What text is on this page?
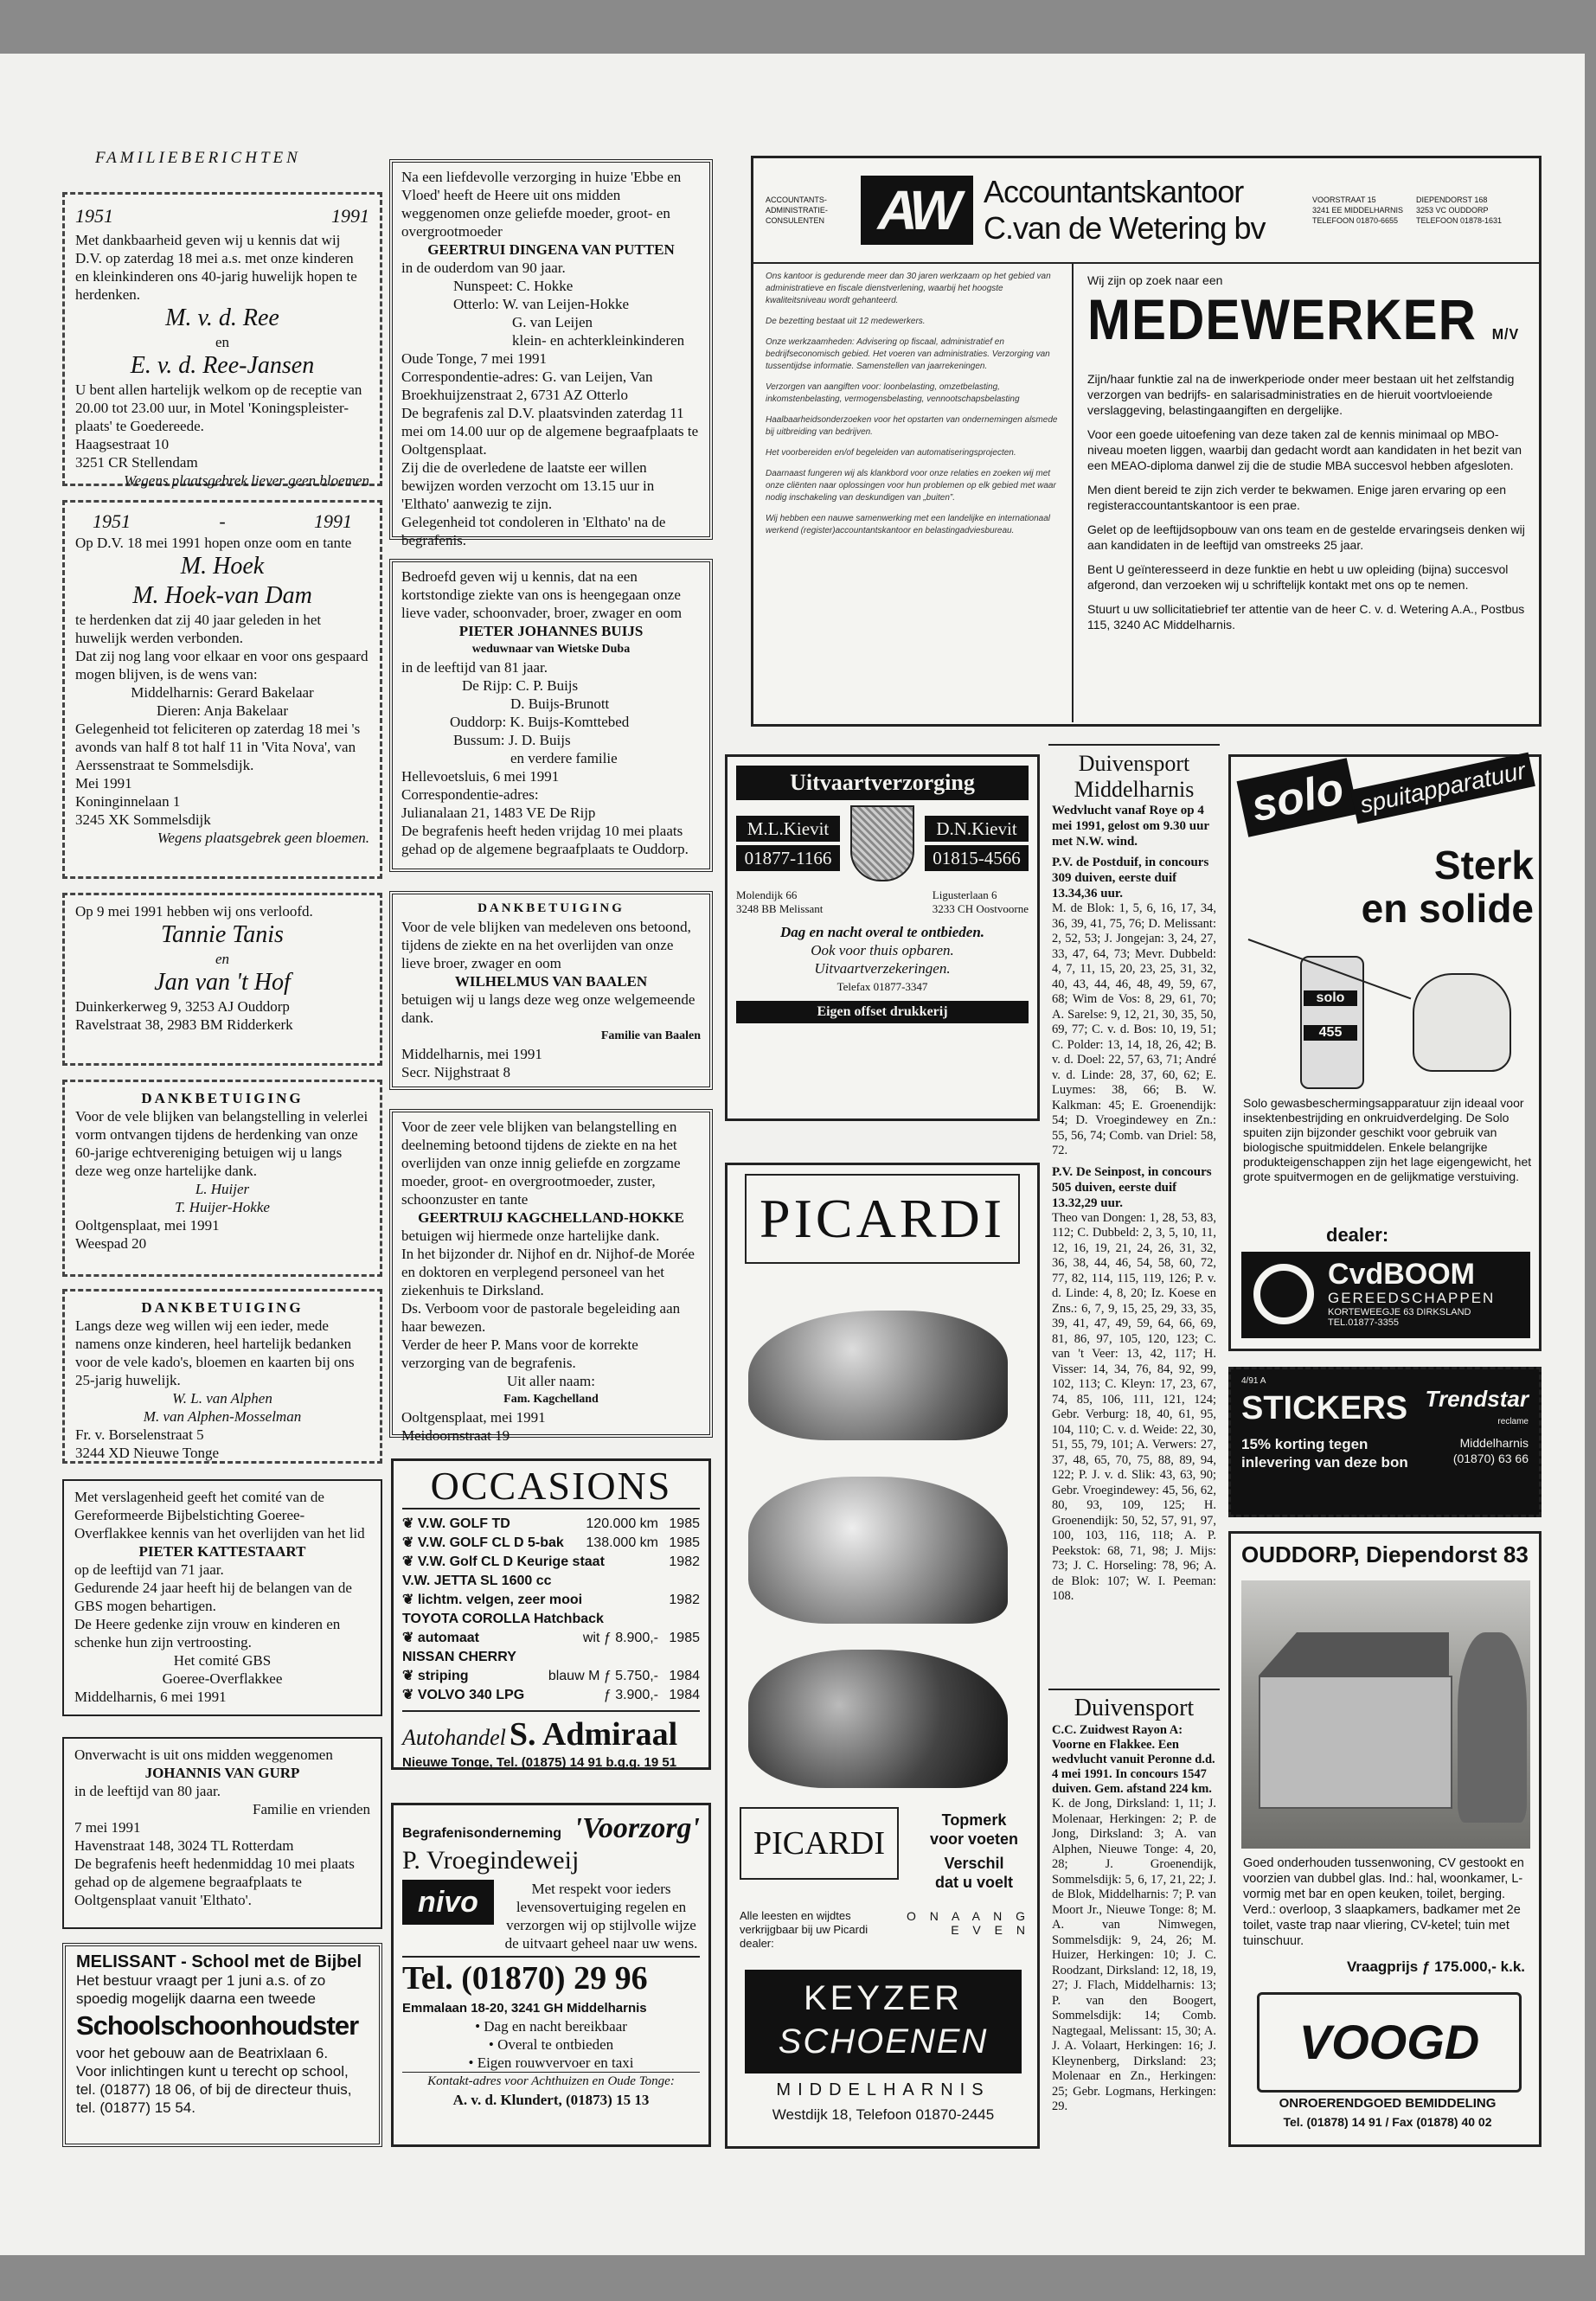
FAMILIEBERICHTEN
1951	1991

Met dankbaarheid geven wij u kennis dat wij D.V. op zaterdag 18 mei a.s. met onze kinderen en kleinkinderen ons 40-jarig huwelijk hopen te herdenken.

M. v. d. Ree

en

E. v. d. Ree-Jansen

U bent allen hartelijk welkom op de receptie van 20.00 tot 23.00 uur, in Motel 'Koningspleister-plaats' te Goedereede.

Haagsestraat 10

3251 CR Stellendam

Wegens plaatsgebrek liever geen bloemen

1951	-	1991

Op D.V. 18 mei 1991 hopen onze oom en tante

M. Hoek

M. Hoek-van Dam

te herdenken dat zij 40 jaar geleden in het huwelijk werden verbonden.

Dat zij nog lang voor elkaar en voor ons gespaard mogen blijven, is de wens van:

Middelharnis: Gerard Bakelaar

Dieren: Anja Bakelaar

Gelegenheid tot feliciteren op zaterdag 18 mei 's avonds van half 8 tot half 11 in 'Vita Nova', van Aerssenstraat te Sommelsdijk.

Mei 1991

Koninginnelaan 1

3245 XK Sommelsdijk

Wegens plaatsgebrek geen bloemen.

Op 9 mei 1991 hebben wij ons verloofd.

Tannie Tanis

en

Jan van 't Hof

Duinkerkerweg 9, 3253 AJ Ouddorp

Ravelstraat 38, 2983 BM Ridderkerk

DANKBETUIGING

Voor de vele blijken van belangstelling in velerlei vorm ontvangen tijdens de herdenking van onze 60-jarige echtvereniging betuigen wij u langs deze weg onze hartelijke dank.

L. Huijer

T. Huijer-Hokke

Ooltgensplaat, mei 1991

Weespad 20

DANKBETUIGING

Langs deze weg willen wij een ieder, mede namens onze kinderen, heel hartelijk bedanken voor de vele kado's, bloemen en kaarten bij ons 25-jarig huwelijk.

W. L. van Alphen

M. van Alphen-Mosselman

Fr. v. Borselenstraat 5

3244 XD Nieuwe Tonge

Met verslagenheid geeft het comité van de Gereformeerde Bijbelstichting Goeree-Overflakkee kennis van het overlijden van het lid

PIETER KATTESTAART

op de leeftijd van 71 jaar.

Gedurende 24 jaar heeft hij de belangen van de GBS mogen behartigen.

De Heere gedenke zijn vrouw en kinderen en schenke hun zijn vertroosting.

Het comité GBS

Goeree-Overflakkee

Middelharnis, 6 mei 1991

Onverwacht is uit ons midden weggenomen

JOHANNIS VAN GURP

in de leeftijd van 80 jaar.

Familie en vrienden

7 mei 1991

Havenstraat 148, 3024 TL Rotterdam

De begrafenis heeft hedenmiddag 10 mei plaats gehad op de algemene begraafplaats te Ooltgensplaat vanuit 'Elthato'.

MELISSANT - School met de Bijbel

Het bestuur vraagt per 1 juni a.s. of zo spoedig mogelijk daarna een tweede

Schoolschoonhoudster

voor het gebouw aan de Beatrixlaan 6.

Voor inlichtingen kunt u terecht op school, tel. (01877) 18 06, of bij de directeur thuis, tel. (01877) 15 54.

Na een liefdevolle verzorging in huize 'Ebbe en Vloed' heeft de Heere uit ons midden weggenomen onze geliefde moeder, groot- en overgrootmoeder

GEERTRUI DINGENA VAN PUTTEN

in de ouderdom van 90 jaar.

Nunspeet: C. Hokke

Otterlo: W. van Leijen-Hokke

G. van Leijen

klein- en achterkleinkinderen

Oude Tonge, 7 mei 1991

Correspondentie-adres: G. van Leijen, Van Broekhuijzenstraat 2, 6731 AZ Otterlo

De begrafenis zal D.V. plaatsvinden zaterdag 11 mei om 14.00 uur op de algemene begraafplaats te Ooltgensplaat.

Zij die de overledene de laatste eer willen bewijzen worden verzocht om 13.15 uur in 'Elthato' aanwezig te zijn.

Gelegenheid tot condoleren in 'Elthato' na de begrafenis.

Bedroefd geven wij u kennis, dat na een kortstondige ziekte van ons is heengegaan onze lieve vader, schoonvader, broer, zwager en oom

PIETER JOHANNES BUIJS

weduwnaar van Wietske Duba

in de leeftijd van 81 jaar.

De Rijp: C. P. Buijs

D. Buijs-Brunott

Ouddorp: K. Buijs-Komttebed

Bussum: J. D. Buijs

en verdere familie

Hellevoetsluis, 6 mei 1991

Correspondentie-adres:

Julianalaan 21, 1483 VE De Rijp

De begrafenis heeft heden vrijdag 10 mei plaats gehad op de algemene begraafplaats te Ouddorp.

DANKBETUIGING

Voor de vele blijken van medeleven ons betoond, tijdens de ziekte en na het overlijden van onze lieve broer, zwager en oom

WILHELMUS VAN BAALEN

betuigen wij u langs deze weg onze welgemeende dank.

Familie van Baalen

Middelharnis, mei 1991

Secr. Nijghstraat 8

Voor de zeer vele blijken van belangstelling en deelneming betoond tijdens de ziekte en na het overlijden van onze innig geliefde en zorgzame moeder, groot- en overgrootmoeder, zuster, schoonzuster en tante

GEERTRUIJ KAGCHELLAND-HOKKE

betuigen wij hiermede onze hartelijke dank.

In het bijzonder dr. Nijhof en dr. Nijhof-de Morée en doktoren en verplegend personeel van het ziekenhuis te Dirksland.

Ds. Verboom voor de pastorale begeleiding aan haar bewezen.

Verder de heer P. Mans voor de korrekte verzorging van de begrafenis.

Uit aller naam:

Fam. Kagchelland

Ooltgensplaat, mei 1991

Meidoornstraat 19

OCCASIONS

❦ V.W. GOLF TD	120.000 km 1985
❦ V.W. GOLF CL D 5-bak	138.000 km 1985
❦ V.W. Golf CL D Keurige staat	1982
V.W. JETTA SL 1600 cc
❦ lichtm. velgen, zeer mooi	1982
TOYOTA COROLLA Hatchback
❦ automaat	wit ƒ 8.900,- 1985
NISSAN CHERRY
❦ striping	blauw M ƒ 5.750,- 1984
❦ VOLVO 340 LPG	ƒ 3.900,- 1984
Autohandel S. Admiraal

Nieuwe Tonge, Tel. (01875) 14 91 b.g.g. 19 51

Begrafenisonderneming 'Voorzorg'

P. Vroegindeweij

nivo	Met respekt voor ieders levensovertuiging regelen en verzorgen wij op stijlvolle wijze de uitvaart geheel naar uw wens.

Tel. (01870) 29 96

Emmalaan 18-20, 3241 GH Middelharnis

• Dag en nacht bereikbaar

• Overal te ontbieden

• Eigen rouwvervoer en taxi

Kontakt-adres voor Achthuizen en Oude Tonge:

A. v. d. Klundert, (01873) 15 13

ACCOUNTANTS-
ADMINISTRATIE-
CONSULENTEN AW Accountantskantoor
C.van de Wetering bv
VOORSTRAAT 15
3241 EE MIDDELHARNIS
TELEFOON 01870-6655
DIEPENDORST 168
3253 VC OUDDORP
TELEFOON 01878-1631

Ons kantoor is gedurende meer dan 30 jaren werkzaam op het gebied van administratieve en fiscale dienstverlening, waarbij het hoogste kwaliteitsniveau wordt gehanteerd.

De bezetting bestaat uit 12 medewerkers.

Onze werkzaamheden: Advisering op fiscaal, administratief en bedrijfseconomisch gebied. Het voeren van administraties. Verzorging van tussentijdse informatie. Samenstellen van jaarrekeningen.

Verzorgen van aangiften voor: loonbelasting, omzetbelasting, inkomstenbelasting, vermogensbelasting, vennootschapsbelasting

Haalbaarheidsonderzoeken voor het opstarten van ondernemingen alsmede bij uitbreiding van bedrijven.

Het voorbereiden en/of begeleiden van automatiseringsprojecten.

Daarnaast fungeren wij als klankbord voor onze relaties en zoeken wij met onze cliënten naar oplossingen voor hun problemen op elk gebied met waar nodig inschakeling van deskundigen van „buiten”.

Wij hebben een nauwe samenwerking met een landelijke en internationaal werkend (register)accountantskantoor en belastingadviesbureau.

Wij zijn op zoek naar een

MEDEWERKER M/V

Zijn/haar funktie zal na de inwerkperiode onder meer bestaan uit het zelfstandig verzorgen van bedrijfs- en salarisadministraties en de hieruit voortvloeiende verslaggeving, belastingaangiften en dergelijke.

Voor een goede uitoefening van deze taken zal de kennis minimaal op MBO-niveau moeten liggen, waarbij dan gedacht wordt aan kandidaten in het bezit van een MEAO-diploma danwel zij die de studie MBA succesvol hebben afgesloten.

Men dient bereid te zijn zich verder te bekwamen. Enige jaren ervaring op een registeraccountantskantoor is een prae.

Gelet op de leeftijdsopbouw van ons team en de gestelde ervaringseis denken wij aan kandidaten in de leeftijd van omstreeks 25 jaar.

Bent U geïnteresseerd in deze funktie en hebt u uw opleiding (bijna) succesvol afgerond, dan verzoeken wij u schriftelijk kontakt met ons op te nemen.

Stuurt u uw sollicitatiebrief ter attentie van de heer C. v. d. Wetering A.A., Postbus 115, 3240 AC Middelharnis.

Uitvaartverzorging
M.L.Kievit
01877-1166
D.N.Kievit
01815-4566
Molendijk 66
3248 BB Melissant
Ligusterlaan 6
3233 CH Oostvoorne

Dag en nacht overal te ontbieden.

Ook voor thuis opbaren.

Uitvaartverzekeringen.

Telefax 01877-3347

Eigen offset drukkerij
PICARDI
PICARDI
Topmerk
voor voeten
Verschil
dat u voelt

Alle leesten en wijdtes verkrijgbaar bij uw Picardi dealer:

O N A A N G E V E N
KEYZER
SCHOENEN
MIDDELHARNIS
Westdijk 18, Telefoon 01870-2445

Duivensport

Middelharnis

Wedvlucht vanaf Roye op 4 mei 1991, gelost om 9.30 uur met N.W. wind.

P.V. de Postduif, in concours 309 duiven, eerste duif 13.34,36 uur.

M. de Blok: 1, 5, 6, 16, 17, 34, 36, 39, 41, 75, 76; D. Melissant: 2, 52, 53; J. Jongejan: 3, 24, 27, 33, 47, 64, 73; Mevr. Dubbeld: 4, 7, 11, 15, 20, 23, 25, 31, 32, 40, 43, 44, 46, 48, 49, 59, 67, 68; Wim de Vos: 8, 29, 61, 70; A. Sarelse: 9, 12, 21, 30, 35, 50, 69, 77; C. v. d. Bos: 10, 19, 51; C. Polder: 13, 14, 18, 26, 42; B. v. d. Doel: 22, 57, 63, 71; André v. d. Linde: 28, 37, 60, 62; E. Luymes: 38, 66; B. W. Kalkman: 45; E. Groenendijk: 54; D. Vroegindewey en Zn.: 55, 56, 74; Comb. van Driel: 58, 72.

P.V. De Seinpost, in concours 505 duiven, eerste duif 13.32,29 uur.

Theo van Dongen: 1, 28, 53, 83, 112; C. Dubbeld: 2, 3, 5, 10, 11, 12, 16, 19, 21, 24, 26, 31, 32, 36, 38, 44, 46, 54, 58, 60, 72, 77, 82, 114, 115, 119, 126; P. v. d. Linde: 4, 8, 20; Iz. Koese en Zns.: 6, 7, 9, 15, 25, 29, 33, 35, 39, 41, 47, 49, 59, 64, 66, 69, 81, 86, 97, 105, 120, 123; C. van 't Veer: 13, 42, 117; H. Visser: 14, 34, 76, 84, 92, 99, 102, 113; C. Kleyn: 17, 23, 67, 74, 85, 106, 111, 121, 124; Gebr. Verburg: 18, 40, 61, 95, 104, 110; C. v. d. Weide: 22, 30, 51, 55, 79, 101; A. Verwers: 27, 37, 48, 65, 70, 75, 88, 89, 94, 122; P. J. v. d. Slik: 43, 63, 90; Gebr. Vroegindewey: 45, 56, 62, 80, 93, 109, 125; H. Groenendijk: 50, 52, 57, 91, 97, 100, 103, 116, 118; A. P. Peekstok: 68, 71, 98; J. Mijs: 73; J. C. Horseling: 78, 96; A. de Blok: 107; W. I. Peeman: 108.

Duivensport

C.C. Zuidwest Rayon A: Voorne en Flakkee. Een wedvlucht vanuit Peronne d.d. 4 mei 1991. In concours 1547 duiven. Gem. afstand 224 km.

K. de Jong, Dirksland: 1, 11; J. Molenaar, Herkingen: 2; P. de Jong, Dirksland: 3; A. van Alphen, Nieuwe Tonge: 4, 20, 28; J. Groenendijk, Sommelsdijk: 5, 6, 17, 21, 22; J. de Blok, Middelharnis: 7; P. van Moort Jr., Nieuwe Tonge: 8; M. A. van Nimwegen, Sommelsdijk: 9, 24, 26; M. Huizer, Herkingen: 10; J. C. Roodzant, Dirksland: 12, 18, 19, 27; J. Flach, Middelharnis: 13; P. van den Boogert, Sommelsdijk: 14; Comb. Nagtegaal, Melissant: 15, 30; A. J. A. Volaart, Herkingen: 16; J. Kleynenberg, Dirksland: 23; Molenaar en Zn., Herkingen: 25; Gebr. Logmans, Herkingen: 29.

solo spuitapparatuur
Sterk
en solide
solo
455

Solo gewasbeschermingsapparatuur zijn ideaal voor insektenbestrijding en onkruidverdelging. De Solo spuiten zijn bijzonder geschikt voor gebruik van biologische spuitmiddelen. Enkele belangrijke produkteigenschappen zijn het lage eigengewicht, het grote spuitvermogen en de gelijkmatige verstuiving.

dealer:
CvdBOOM
GEREEDSCHAPPEN
KORTEWEEGJE 63 DIRKSLAND
TEL.01877-3355
4/91 A
STICKERS Trendstar
reclame
15% korting tegen
inlevering van deze bon
Middelharnis
(01870) 63 66

OUDDORP, Diependorst 83

Goed onderhouden tussenwoning, CV gestookt en voorzien van dubbel glas. Ind.: hal, woonkamer, L-vormig met bar en open keuken, toilet, berging. Verd.: overloop, 3 slaapkamers, badkamer met 2e toilet, vaste trap naar vliering, CV-ketel; tuin met tuinschuur.

Vraagprijs ƒ 175.000,- k.k.

VOOGD

ONROERENDGOED BEMIDDELING

Tel. (01878) 14 91 / Fax (01878) 40 02
